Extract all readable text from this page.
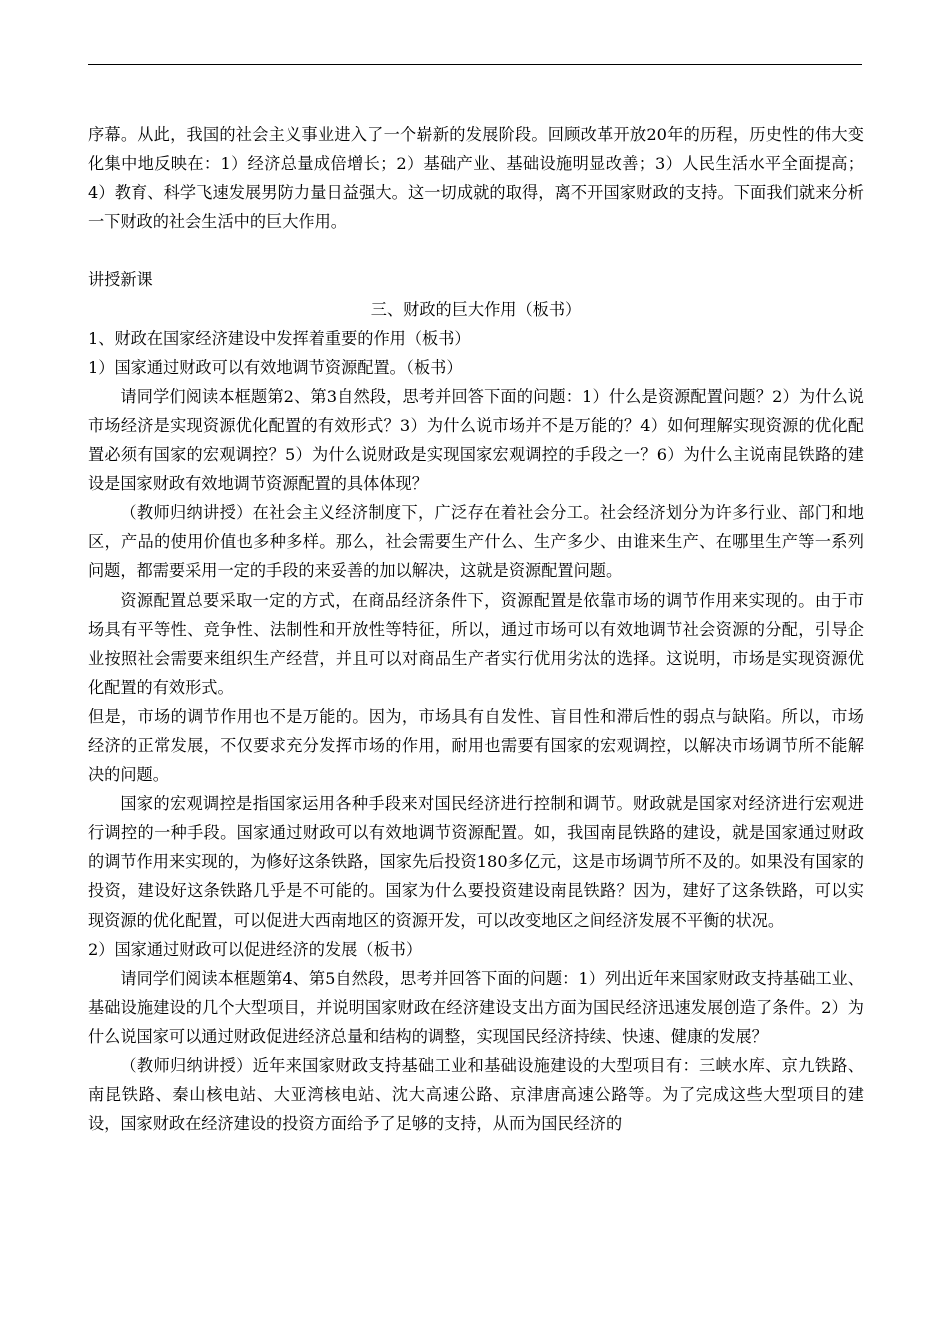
序幕。从此，我国的社会主义事业进入了一个崭新的发展阶段。回顾改革开放20年的历程，历史性的伟大变化集中地反映在：1）经济总量成倍增长；2）基础产业、基础设施明显改善；3）人民生活水平全面提高；4）教育、科学飞速发展男防力量日益强大。这一切成就的取得，离不开国家财政的支持。下面我们就来分析一下财政的社会生活中的巨大作用。

讲授新课

三、财政的巨大作用（板书）

1、财政在国家经济建设中发挥着重要的作用（板书）

1）国家通过财政可以有效地调节资源配置。（板书）

请同学们阅读本框题第2、第3自然段，思考并回答下面的问题：1）什么是资源配置问题？2）为什么说市场经济是实现资源优化配置的有效形式？3）为什么说市场并不是万能的？4）如何理解实现资源的优化配置必须有国家的宏观调控？5）为什么说财政是实现国家宏观调控的手段之一？6）为什么主说南昆铁路的建设是国家财政有效地调节资源配置的具体体现？

（教师归纳讲授）在社会主义经济制度下，广泛存在着社会分工。社会经济划分为许多行业、部门和地区，产品的使用价值也多种多样。那么，社会需要生产什么、生产多少、由谁来生产、在哪里生产等一系列问题，都需要采用一定的手段的来妥善的加以解决，这就是资源配置问题。

资源配置总要采取一定的方式，在商品经济条件下，资源配置是依靠市场的调节作用来实现的。由于市场具有平等性、竞争性、法制性和开放性等特征，所以，通过市场可以有效地调节社会资源的分配，引导企业按照社会需要来组织生产经营，并且可以对商品生产者实行优用劣汰的选择。这说明，市场是实现资源优化配置的有效形式。

但是，市场的调节作用也不是万能的。因为，市场具有自发性、盲目性和滞后性的弱点与缺陷。所以，市场经济的正常发展，不仅要求充分发挥市场的作用，耐用也需要有国家的宏观调控，以解决市场调节所不能解决的问题。

国家的宏观调控是指国家运用各种手段来对国民经济进行控制和调节。财政就是国家对经济进行宏观进行调控的一种手段。国家通过财政可以有效地调节资源配置。如，我国南昆铁路的建设，就是国家通过财政的调节作用来实现的，为修好这条铁路，国家先后投资180多亿元，这是市场调节所不及的。如果没有国家的投资，建设好这条铁路几乎是不可能的。国家为什么要投资建设南昆铁路？因为，建好了这条铁路，可以实现资源的优化配置，可以促进大西南地区的资源开发，可以改变地区之间经济发展不平衡的状况。

2）国家通过财政可以促进经济的发展（板书）

请同学们阅读本框题第4、第5自然段，思考并回答下面的问题：1）列出近年来国家财政支持基础工业、基础设施建设的几个大型项目，并说明国家财政在经济建设支出方面为国民经济迅速发展创造了条件。2）为什么说国家可以通过财政促进经济总量和结构的调整，实现国民经济持续、快速、健康的发展？

（教师归纳讲授）近年来国家财政支持基础工业和基础设施建设的大型项目有：三峡水库、京九铁路、南昆铁路、秦山核电站、大亚湾核电站、沈大高速公路、京津唐高速公路等。为了完成这些大型项目的建设，国家财政在经济建设的投资方面给予了足够的支持，从而为国民经济的
